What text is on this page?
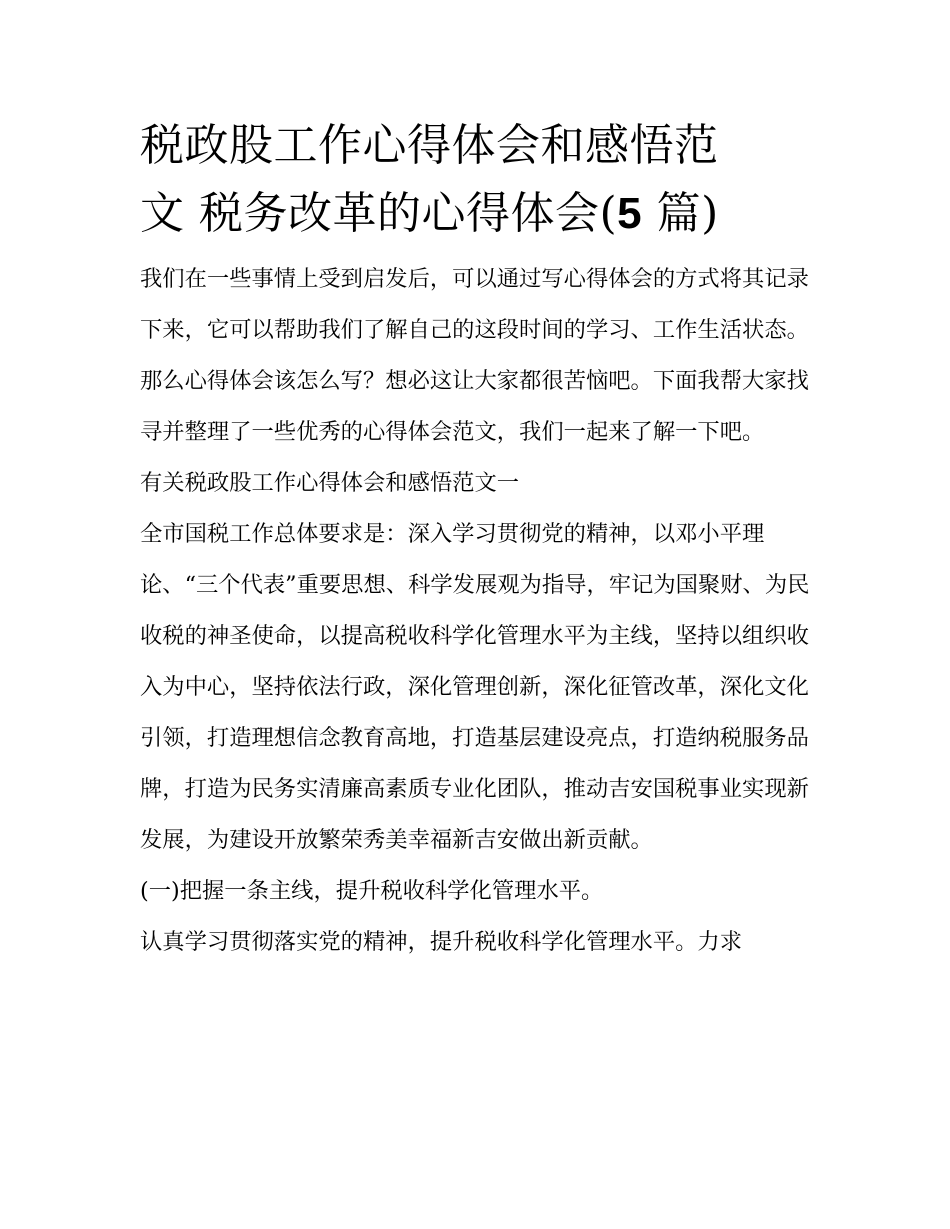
税政股工作心得体会和感悟范
文 税务改革的心得体会(5 篇)

我们在一些事情上受到启发后，可以通过写心得体会的方式将其记录下来，它可以帮助我们了解自己的这段时间的学习、工作生活状态。那么心得体会该怎么写？想必这让大家都很苦恼吧。下面我帮大家找寻并整理了一些优秀的心得体会范文，我们一起来了解一下吧。

有关税政股工作心得体会和感悟范文一

全市国税工作总体要求是：深入学习贯彻党的精神，以邓小平理论、“三个代表”重要思想、科学发展观为指导，牢记为国聚财、为民收税的神圣使命，以提高税收科学化管理水平为主线，坚持以组织收入为中心，坚持依法行政，深化管理创新，深化征管改革，深化文化引领，打造理想信念教育高地，打造基层建设亮点，打造纳税服务品牌，打造为民务实清廉高素质专业化团队，推动吉安国税事业实现新发展，为建设开放繁荣秀美幸福新吉安做出新贡献。

(一)把握一条主线，提升税收科学化管理水平。

认真学习贯彻落实党的精神，提升税收科学化管理水平。力求
